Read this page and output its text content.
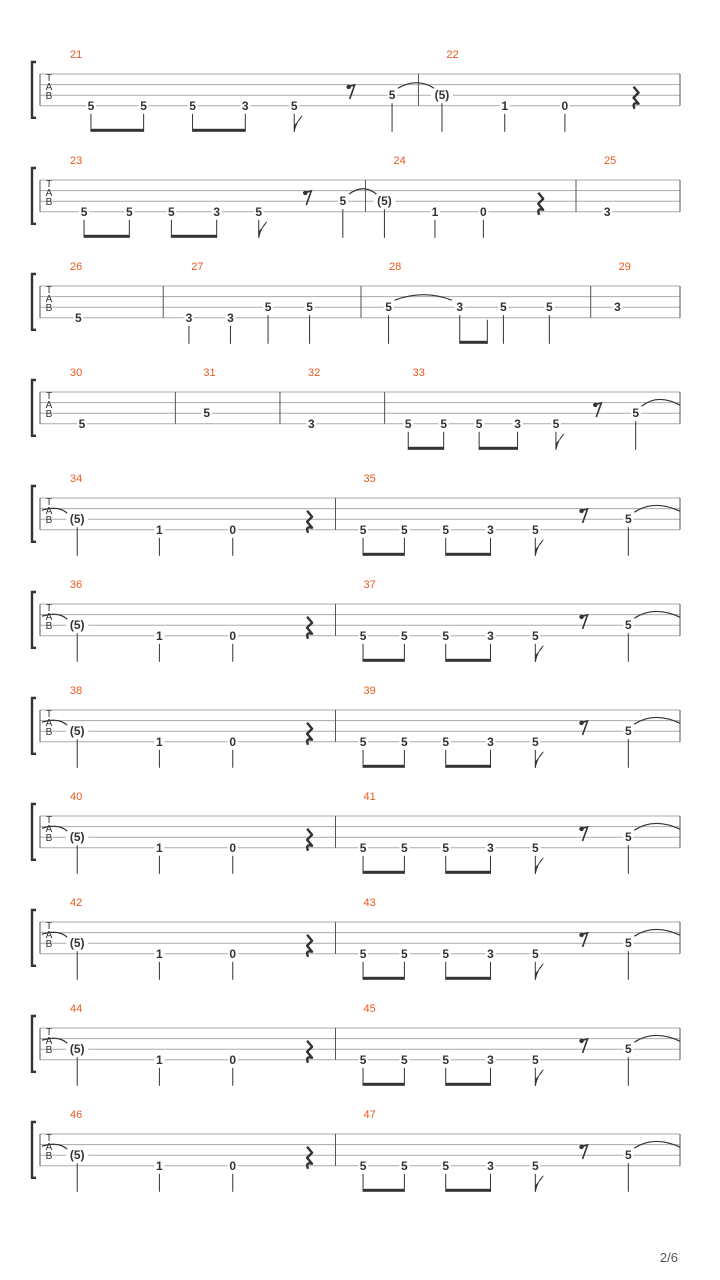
T
A
B
21
5	5	5	3	5
5
22
(5)
1	0
T
A
B
23
5	5	5	3	5
5
24
(5)
1	0
25
3
T
A
B
26
5
27
3	3
5	5
28
5	3	5	5
29
3
T
A
B
30
5
31
5
32
3
33
5 5 5	3	5
5
T
A
B
34
(5)
1	0
35
5	5	5	3	5
5
T
A
B
36
(5)
1	0
37
5	5	5	3	5
5
T
A
B
38
(5)
1	0
39
5	5	5	3	5
5
T
A
B
40
(5)
1	0
41
5	5	5	3	5
5
T
A
B
42
(5)
1	0
43
5	5	5	3	5
5
T
A
B
44
(5)
1	0
45
5	5	5	3	5
5
T
A
B
46
(5)
1	0
47
5	5	5	3	5
5
2/6
